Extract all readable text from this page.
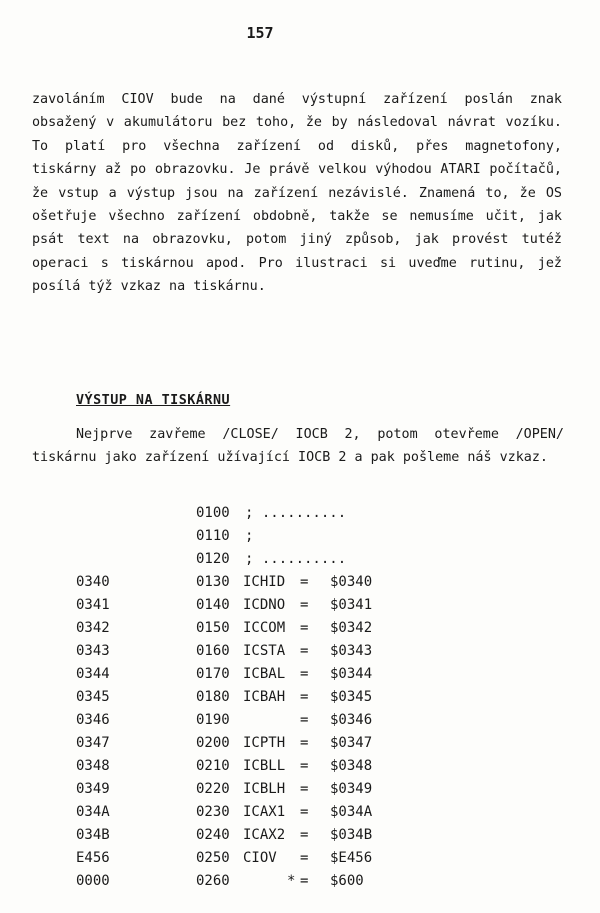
157

zavoláním CIOV bude na dané výstupní zařízení poslán znak obsažený v akumulátoru bez toho, že by následoval návrat vozíku. To platí pro všechna zařízení od disků, přes magnetofony, tiskárny až po obrazovku. Je právě velkou výhodou ATARI počítačů, že vstup a výstup jsou na zařízení nezávislé. Znamená to, že OS ošetřuje všechno zařízení obdobně, takže se nemusíme učit, jak psát text na obrazovku, potom jiný způsob, jak provést tutéž operaci s tiskárnou apod. Pro ilustraci si uveďme rutinu, jež posílá týž vzkaz na tiskárnu.

VÝSTUP NA TISKÁRNU

Nejprve zavřeme /CLOSE/ IOCB 2, potom otevřeme /OPEN/ tiskárnu jako zařízení užívající IOCB 2 a pak pošleme náš vzkaz.

0100 ; ..........
0110 ;
0120 ; ..........
0340	0130 ICHID = $0340
0341	0140 ICDNO = $0341
0342	0150 ICCOM = $0342
0343	0160 ICSTA = $0343
0344	0170 ICBAL = $0344
0345	0180 ICBAH = $0345
0346	0190	= $0346
0347	0200 ICPTH = $0347
0348	0210 ICBLL = $0348
0349	0220 ICBLH = $0349
034A	0230 ICAX1 = $034A
034B	0240 ICAX2 = $034B
E456	0250 CIOV = $E456
0000	0260	* = $600
